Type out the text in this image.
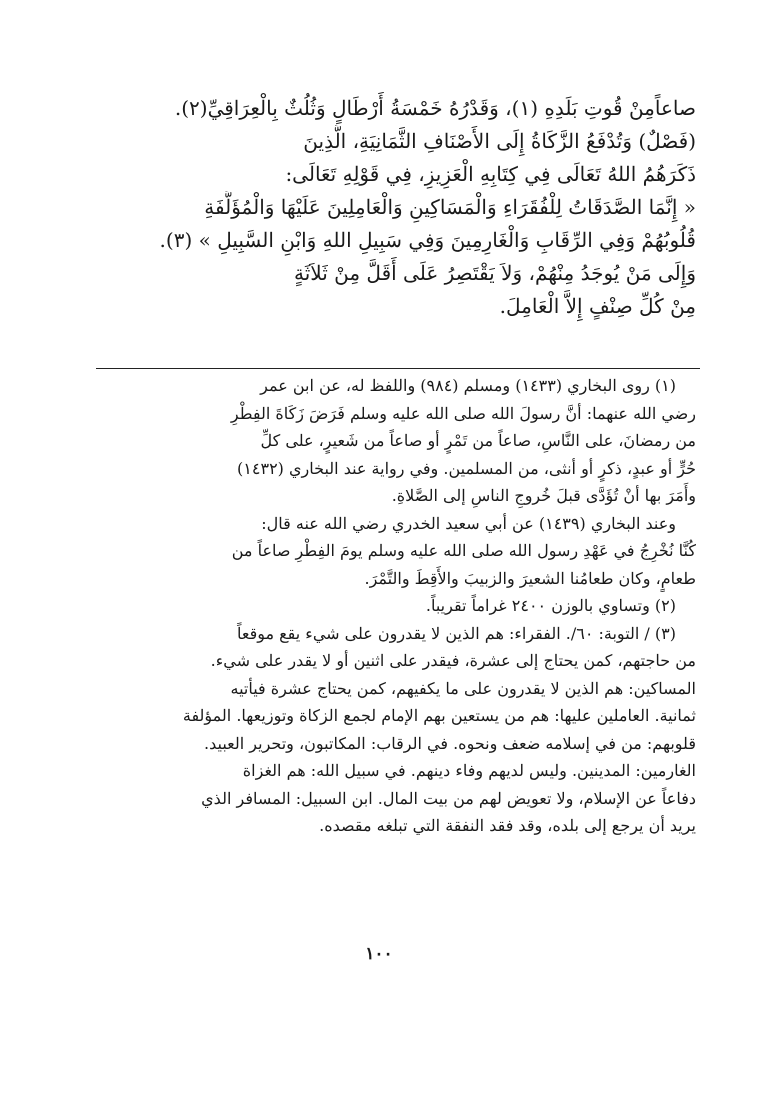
صاعاًمِنْ قُوتِ بَلَدِهِ (١)، وَقَدْرُهُ خَمْسَةُ أَرْطَالٍ وَثُلُثٌ بِالْعِرَاقِيِّ(٢).
(فَصْلٌ) وَتُدْفَعُ الزَّكَاةُ إِلَى الأَصْنَافِ الثَّمَانِيَةِ، الَّذِينَ
ذَكَرَهُمُ اللهُ تَعَالَى فِي كِتَابِهِ الْعَزِيزِ، فِي قَوْلِهِ تَعَالَى:
« إِنَّمَا الصَّدَقَاتُ لِلْفُقَرَاءِ وَالْمَسَاكِينِ وَالْعَامِلِينَ عَلَيْهَا وَالْمُؤَلَّفَةِ
قُلُوبُهُمْ وَفِي الرِّقَابِ وَالْغَارِمِينَ وَفِي سَبِيلِ اللهِ وَابْنِ السَّبِيلِ » (٣).
وَإِلَى مَنْ يُوجَدُ مِنْهُمْ، وَلاَ يَقْتَصِرُ عَلَى أَقَلَّ مِنْ ثَلاَثَةٍ
مِنْ كُلِّ صِنْفٍ إِلاَّ الْعَامِلَ.
(١) روى البخاري (١٤٣٣) ومسلم (٩٨٤) واللفظ له، عن ابن عمر
رضي الله عنهما: أنَّ رسولَ الله صلى الله عليه وسلم فَرَضَ زَكَاةَ الفِطْرِ
من رمضانَ، على النَّاسِ، صاعاً من تَمْرٍ أو صاعاً من شَعيرٍ، على كلِّ
حُرٍّ أو عبدٍ، ذكرٍ أو أنثى، من المسلمين. وفي رواية عند البخاري (١٤٣٢)
وأَمَرَ بها أنْ تُؤَدَّى قبلَ خُروجِ الناسِ إلى الصَّلاةِ.
وعند البخاري (١٤٣٩) عن أبي سعيد الخدري رضي الله عنه قال:
كُنَّا نُخْرِجُ في عَهْدِ رسول الله صلى الله عليه وسلم يومَ الفِطْرِ صاعاً من
طعامٍ، وكان طعامُنا الشعيرَ والزبيبَ والأَقِطَ والتَّمْرَ.
(٢) وتساوي بالوزن ٢٤٠٠ غراماً تقريباً.
(٣) / التوبة: ٦٠/. الفقراء: هم الذين لا يقدرون على شيء يقع موقعاً
من حاجتهم، كمن يحتاج إلى عشرة، فيقدر على اثنين أو لا يقدر على شيء.
المساكين: هم الذين لا يقدرون على ما يكفيهم، كمن يحتاج عشرة فيأتيه
ثمانية. العاملين عليها: هم من يستعين بهم الإمام لجمع الزكاة وتوزيعها. المؤلفة
قلوبهم: من في إسلامه ضعف ونحوه. في الرقاب: المكاتبون، وتحرير العبيد.
الغارمين: المدينين. وليس لديهم وفاء دينهم. في سبيل الله: هم الغزاة
دفاعاً عن الإسلام، ولا تعويض لهم من بيت المال. ابن السبيل: المسافر الذي
يريد أن يرجع إلى بلده، وقد فقد النفقة التي تبلغه مقصده.
١٠٠
